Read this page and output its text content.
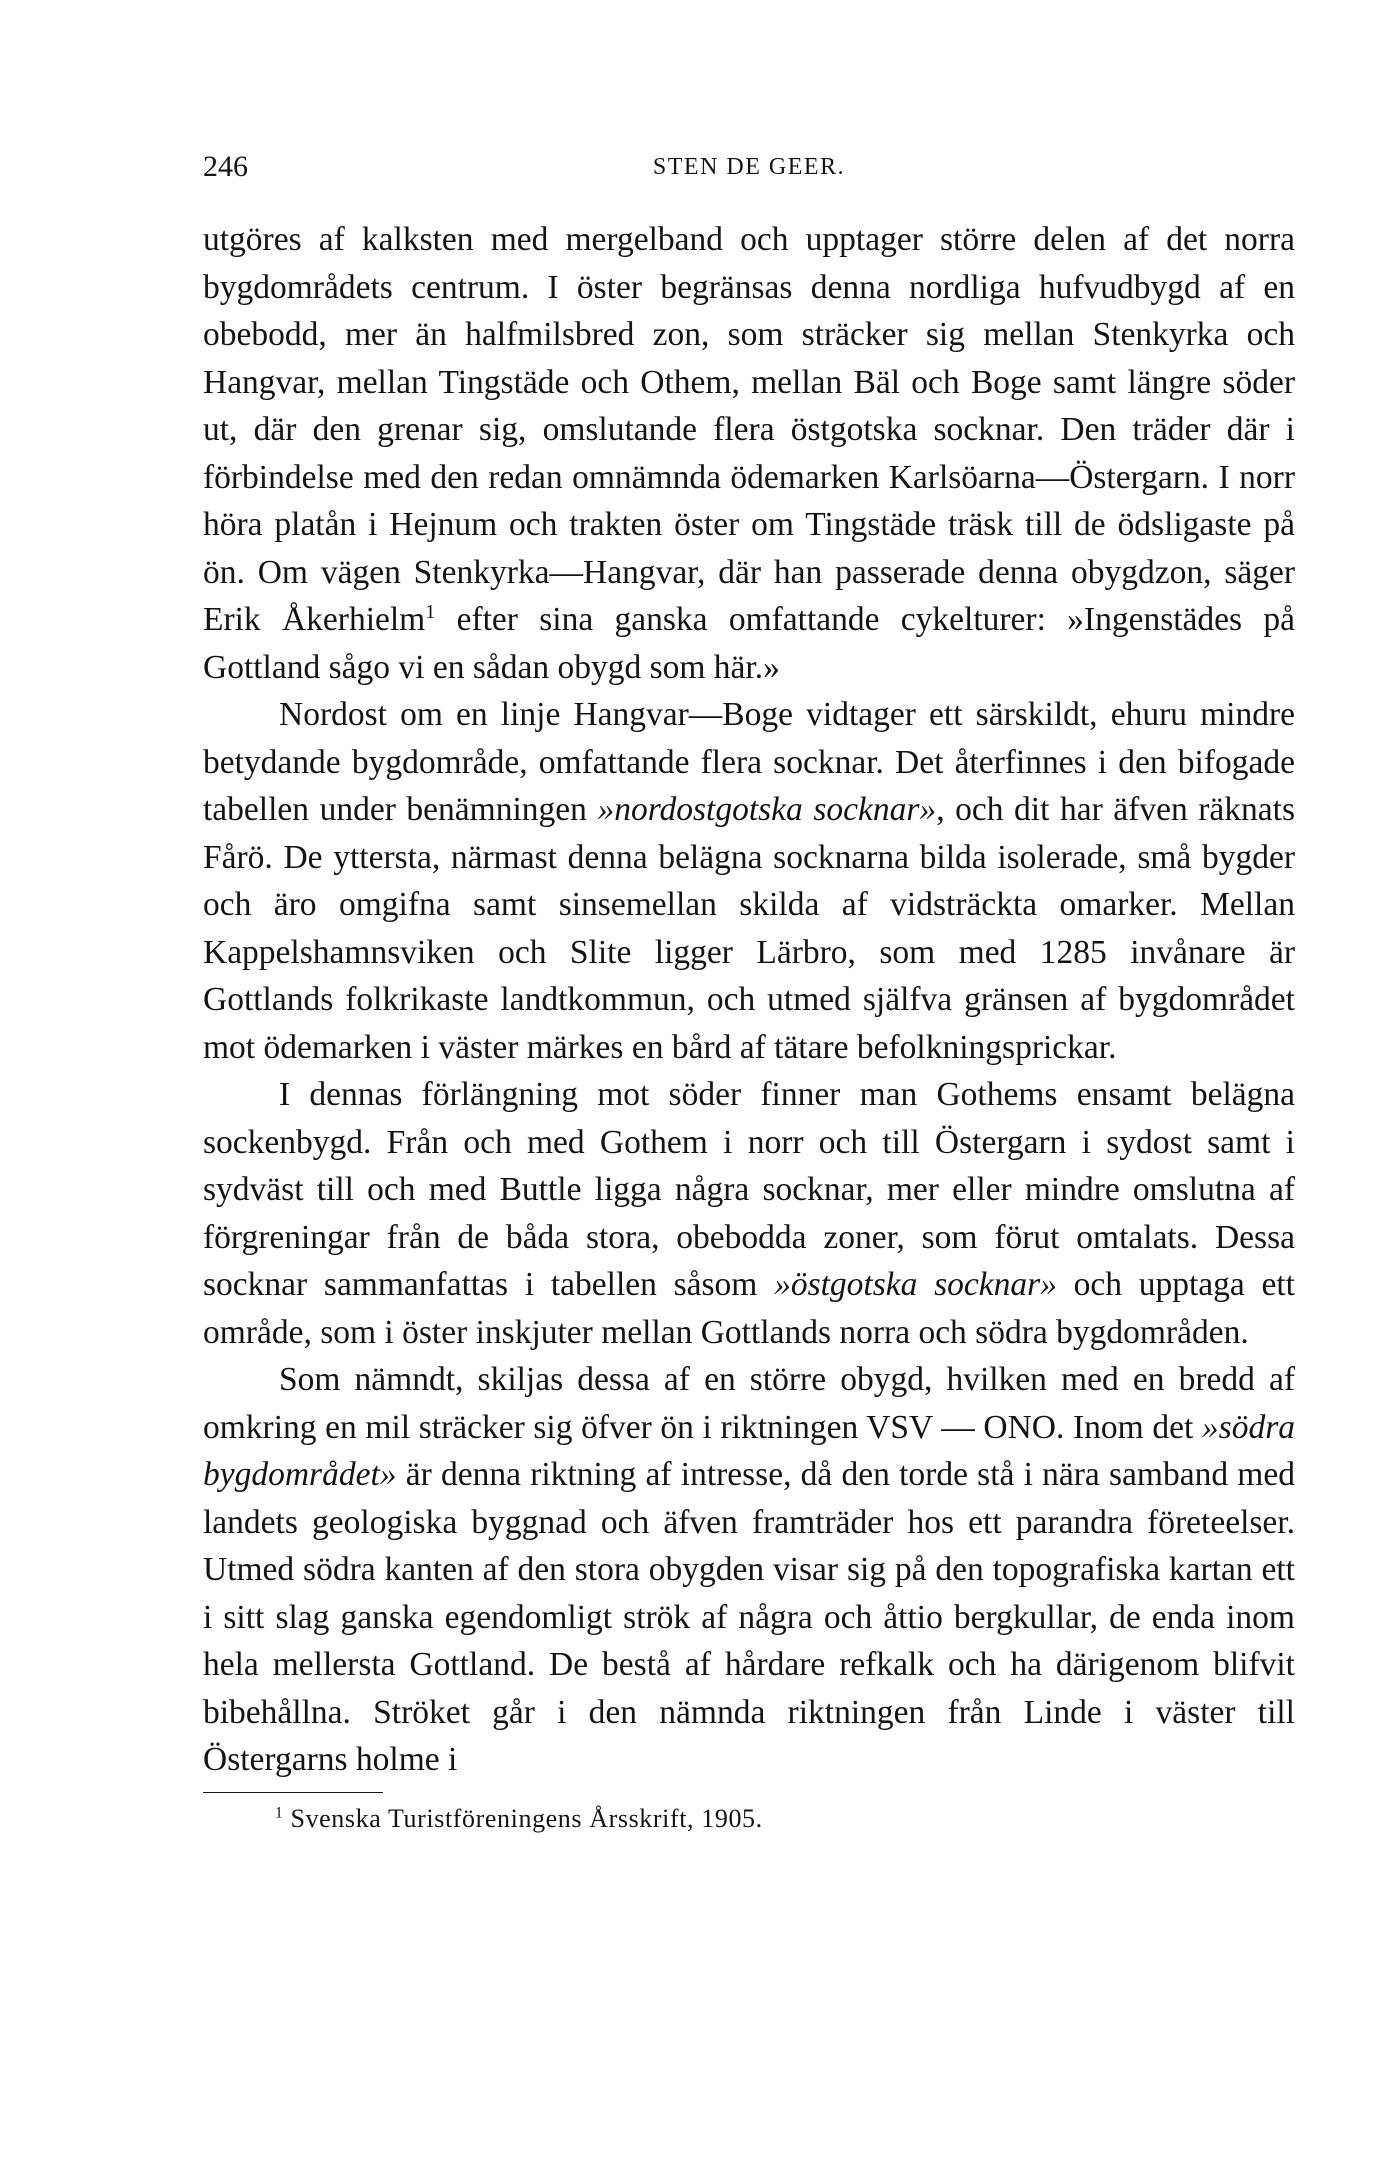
246	STEN DE GEER.

utgöres af kalksten med mergelband och upptager större delen af det norra bygdområdets centrum. I öster begränsas denna nordliga hufvudbygd af en obebodd, mer än halfmilsbred zon, som sträcker sig mellan Stenkyrka och Hangvar, mellan Tingstäde och Othem, mellan Bäl och Boge samt längre söder ut, där den grenar sig, omslutande flera östgotska socknar. Den träder där i förbindelse med den redan omnämnda ödemarken Karlsöarna—Östergarn. I norr höra platån i Hejnum och trakten öster om Tingstäde träsk till de ödsligaste på ön. Om vägen Stenkyrka—Hangvar, där han passerade denna obygdzon, säger Erik Åkerhielm$^1$ efter sina ganska omfattande cykelturer: »Ingenstädes på Gottland sågo vi en sådan obygd som här.»

Nordost om en linje Hangvar—Boge vidtager ett särskildt, ehuru mindre betydande bygdområde, omfattande flera socknar. Det återfinnes i den bifogade tabellen under benämningen »nordostgotska socknar», och dit har äfven räknats Fårö. De yttersta, närmast denna belägna socknarna bilda isolerade, små bygder och äro omgifna samt sinsemellan skilda af vidsträckta omarker. Mellan Kappelshamnsviken och Slite ligger Lärbro, som med 1285 invånare är Gottlands folkrikaste landtkommun, och utmed själfva gränsen af bygdområdet mot ödemarken i väster märkes en bård af tätare befolkningsprickar.

I dennas förlängning mot söder finner man Gothems ensamt belägna sockenbygd. Från och med Gothem i norr och till Östergarn i sydost samt i sydväst till och med Buttle ligga några socknar, mer eller mindre omslutna af förgreningar från de båda stora, obebodda zoner, som förut omtalats. Dessa socknar sammanfattas i tabellen såsom »östgotska socknar» och upptaga ett område, som i öster inskjuter mellan Gottlands norra och södra bygdområden.

Som nämndt, skiljas dessa af en större obygd, hvilken med en bredd af omkring en mil sträcker sig öfver ön i riktningen VSV — ONO. Inom det »södra bygdområdet» är denna riktning af intresse, då den torde stå i nära samband med landets geologiska byggnad och äfven framträder hos ett parandra företeelser. Utmed södra kanten af den stora obygden visar sig på den topografiska kartan ett i sitt slag ganska egendomligt strök af några och åttio bergkullar, de enda inom hela mellersta Gottland. De bestå af hårdare refkalk och ha därigenom blifvit bibehållna. Ströket går i den nämnda riktningen från Linde i väster till Östergarns holme i

$^1$ Svenska Turistföreningens Årsskrift, 1905.
